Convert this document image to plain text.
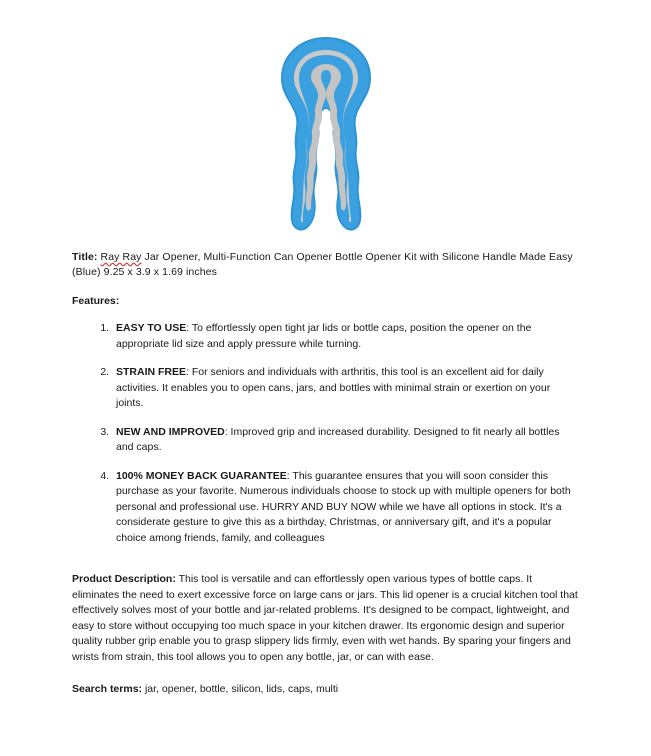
Title: Ray Ray Jar Opener, Multi-Function Can Opener Bottle Opener Kit with Silicone Handle Made Easy (Blue) 9.25 x 3.9 x 1.69 inches

Features:
1. EASY TO USE: To effortlessly open tight jar lids or bottle caps, position the opener on the appropriate lid size and apply pressure while turning.
2. STRAIN FREE: For seniors and individuals with arthritis, this tool is an excellent aid for daily activities. It enables you to open cans, jars, and bottles with minimal strain or exertion on your joints.
3. NEW AND IMPROVED: Improved grip and increased durability. Designed to fit nearly all bottles and caps.
4. 100% MONEY BACK GUARANTEE: This guarantee ensures that you will soon consider this purchase as your favorite. Numerous individuals choose to stock up with multiple openers for both personal and professional use. HURRY AND BUY NOW while we have all options in stock. It's a considerate gesture to give this as a birthday, Christmas, or anniversary gift, and it's a popular choice among friends, family, and colleagues

Product Description: This tool is versatile and can effortlessly open various types of bottle caps. It eliminates the need to exert excessive force on large cans or jars. This lid opener is a crucial kitchen tool that effectively solves most of your bottle and jar-related problems. It's designed to be compact, lightweight, and easy to store without occupying too much space in your kitchen drawer. Its ergonomic design and superior quality rubber grip enable you to grasp slippery lids firmly, even with wet hands. By sparing your fingers and wrists from strain, this tool allows you to open any bottle, jar, or can with ease.

Search terms: jar, opener, bottle, silicon, lids, caps, multi
